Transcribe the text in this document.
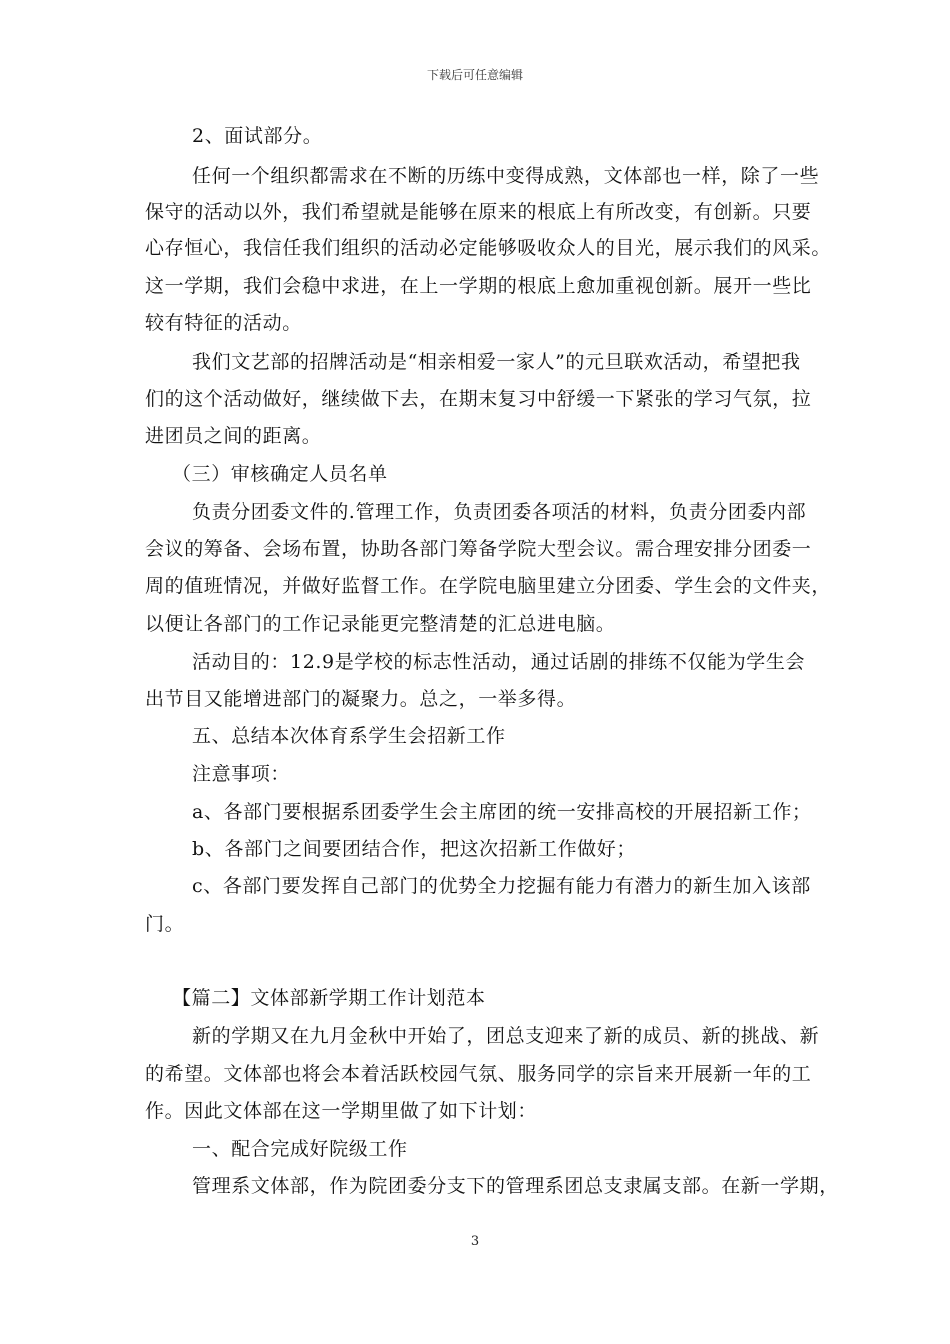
下载后可任意编辑
2、面试部分。
任何一个组织都需求在不断的历练中变得成熟，文体部也一样，除了一些
保守的活动以外，我们希望就是能够在原来的根底上有所改变，有创新。只要
心存恒心，我信任我们组织的活动必定能够吸收众人的目光，展示我们的风采。
这一学期，我们会稳中求进，在上一学期的根底上愈加重视创新。展开一些比
较有特征的活动。
我们文艺部的招牌活动是“相亲相爱一家人”的元旦联欢活动，希望把我
们的这个活动做好，继续做下去，在期末复习中舒缓一下紧张的学习气氛，拉
进团员之间的距离。
（三）审核确定人员名单
负责分团委文件的.管理工作，负责团委各项活的材料，负责分团委内部
会议的筹备、会场布置，协助各部门筹备学院大型会议。需合理安排分团委一
周的值班情况，并做好监督工作。在学院电脑里建立分团委、学生会的文件夹，
以便让各部门的工作记录能更完整清楚的汇总进电脑。
活动目的：12.9是学校的标志性活动，通过话剧的排练不仅能为学生会
出节目又能增进部门的凝聚力。总之，一举多得。
五、总结本次体育系学生会招新工作
注意事项：
a、各部门要根据系团委学生会主席团的统一安排高校的开展招新工作；
b、各部门之间要团结合作，把这次招新工作做好；
c、各部门要发挥自己部门的优势全力挖掘有能力有潜力的新生加入该部
门。
【篇二】文体部新学期工作计划范本
新的学期又在九月金秋中开始了，团总支迎来了新的成员、新的挑战、新
的希望。文体部也将会本着活跃校园气氛、服务同学的宗旨来开展新一年的工
作。因此文体部在这一学期里做了如下计划：
一、配合完成好院级工作
管理系文体部，作为院团委分支下的管理系团总支隶属支部。在新一学期，
3
